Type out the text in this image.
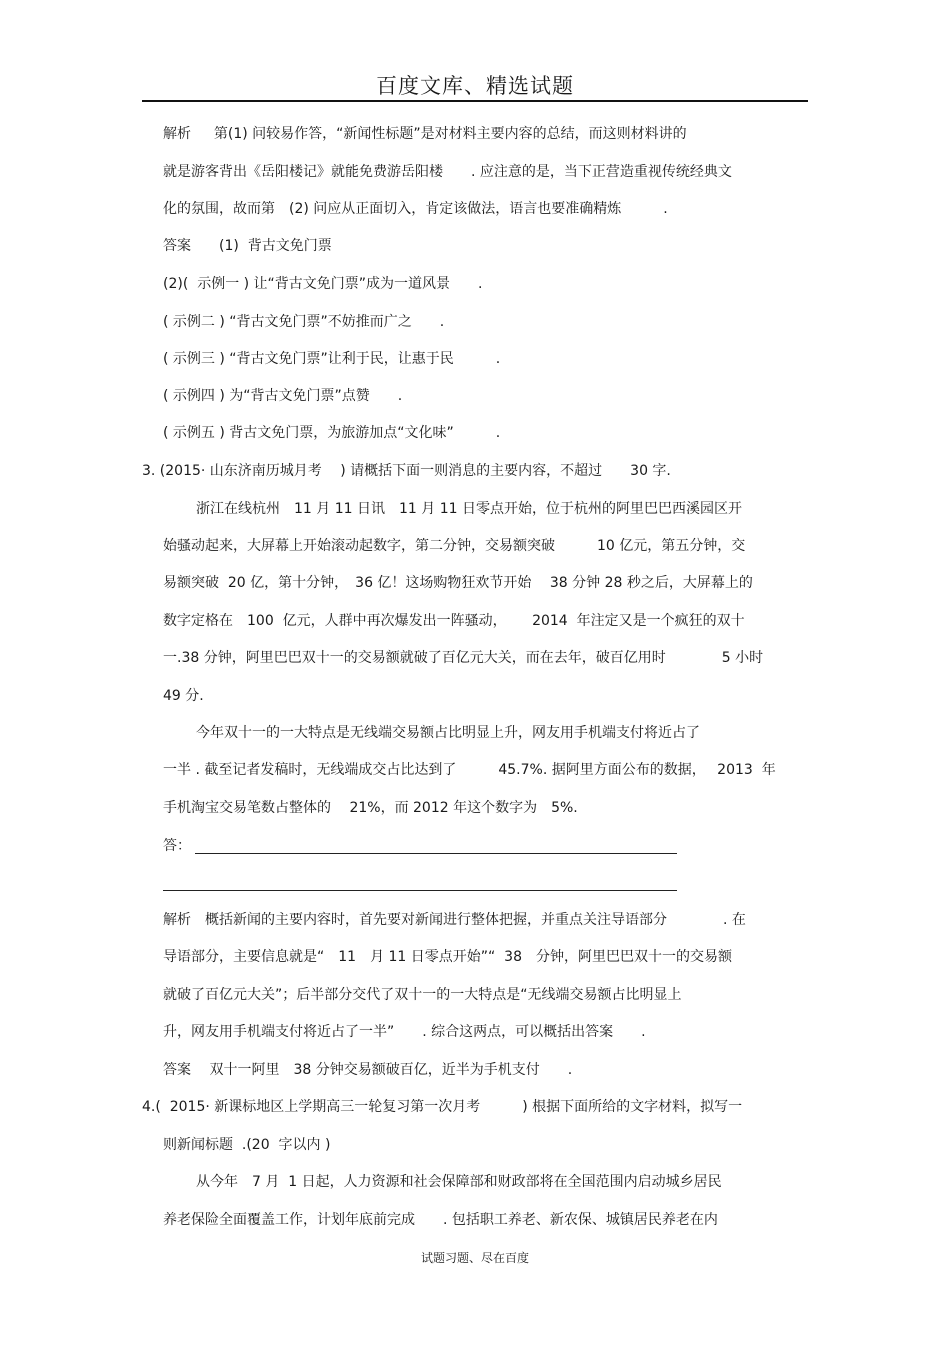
百度文库、精选试题
解析  　第(1) 问较易作答，“新闻性标题”是对材料主要内容的总结，而这则材料讲的
就是游客背出《岳阳楼记》就能免费游岳阳楼　　. 应注意的是，当下正营造重视传统经典文
化的氛围，故而第　(2) 问应从正面切入，肯定该做法，语言也要准确精炼　　　.
答案　　(1)  背古文免门票
(2)(  示例一 ) 让“背古文免门票”成为一道风景　　.
( 示例二 ) “背古文免门票”不妨推而广之　　.
( 示例三 ) “背古文免门票”让利于民，让惠于民　　　.
( 示例四 ) 为“背古文免门票”点赞　　.
( 示例五 ) 背古文免门票，为旅游加点“文化味”　　　.
3. (2015· 山东济南历城月考　 ) 请概括下面一则消息的主要内容，不超过　　30 字.
浙江在线杭州　11 月 11 日讯　11 月 11 日零点开始，位于杭州的阿里巴巴西溪园区开
始骚动起来，大屏幕上开始滚动起数字，第二分钟，交易额突破　　　10 亿元，第五分钟，交
易额突破  20 亿，第十分钟，　36 亿！这场购物狂欢节开始　 38 分钟 28 秒之后，大屏幕上的
数字定格在　100  亿元，人群中再次爆发出一阵骚动，　　 2014  年注定又是一个疯狂的双十
一.38 分钟，阿里巴巴双十一的交易额就破了百亿元大关，而在去年，破百亿用时　　　　5 小时
49 分.
今年双十一的一大特点是无线端交易额占比明显上升，网友用手机端支付将近占了
一半 . 截至记者发稿时，无线端成交占比达到了　　　45.7%. 据阿里方面公布的数据，　 2013  年
手机淘宝交易笔数占整体的　 21%，而 2012 年这个数字为　5%.
答：
解析　概括新闻的主要内容时，首先要对新闻进行整体把握，并重点关注导语部分　　　　. 在
导语部分，主要信息就是“　11　月 11 日零点开始”“  38　分钟，阿里巴巴双十一的交易额
就破了百亿元大关”；后半部分交代了双十一的一大特点是“无线端交易额占比明显上
升，网友用手机端支付将近占了一半”　　. 综合这两点，可以概括出答案　　.
答案　 双十一阿里　38 分钟交易额破百亿，近半为手机支付　　.
4.(  2015· 新课标地区上学期高三一轮复习第一次月考　　　) 根据下面所给的文字材料，拟写一
则新闻标题  .(20  字以内 )
从今年　7 月  1 日起，人力资源和社会保障部和财政部将在全国范围内启动城乡居民
养老保险全面覆盖工作，计划年底前完成　　. 包括职工养老、新农保、城镇居民养老在内
试题习题、尽在百度
